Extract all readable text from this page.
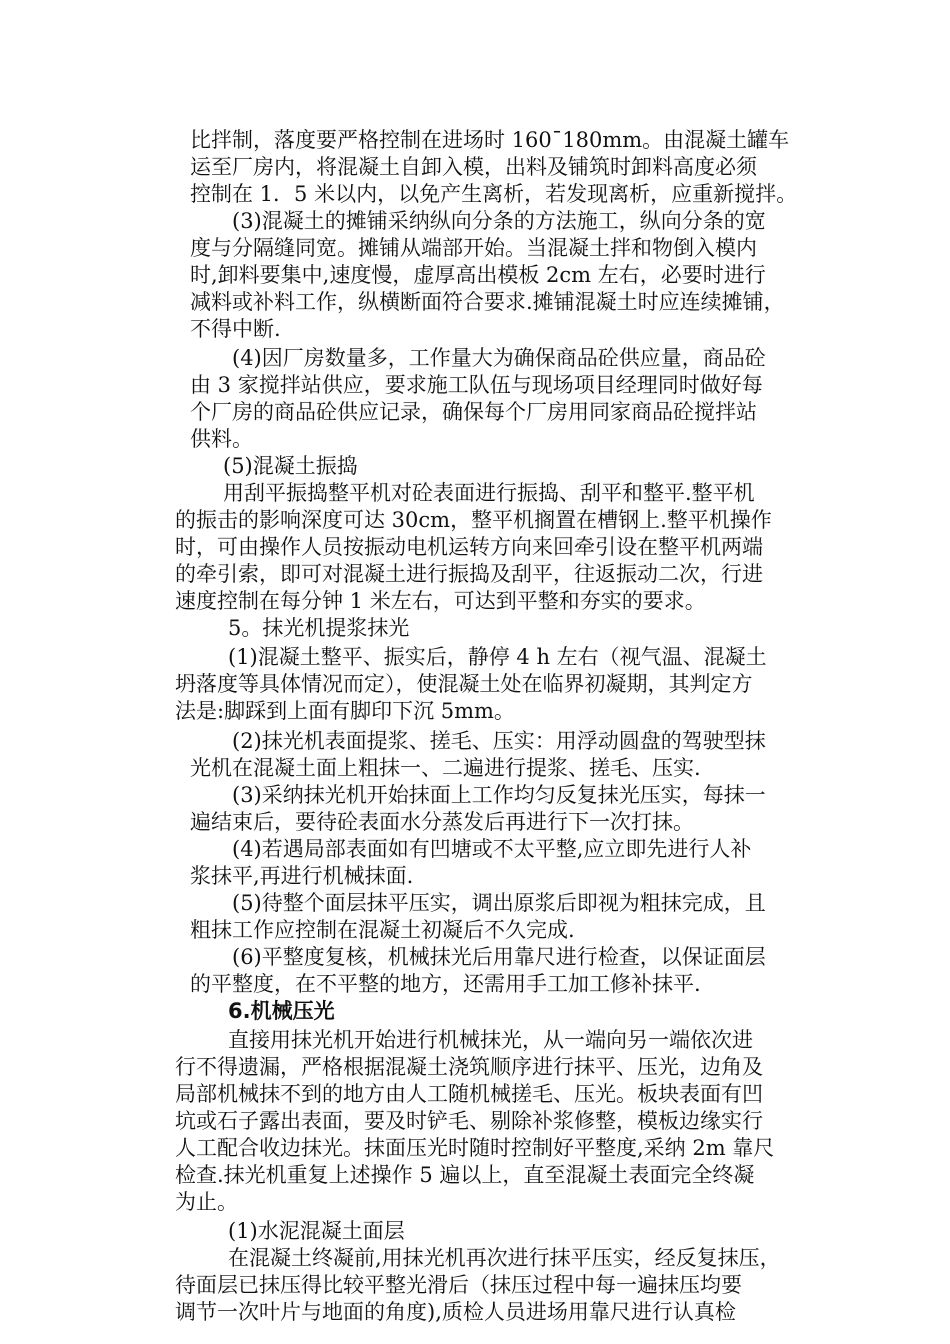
比拌制，落度要严格控制在进场时 160¯180mm。由混凝土罐车
运至厂房内，将混凝土自卸入模，出料及铺筑时卸料高度必须
控制在 1．5 米以内，以免产生离析，若发现离析，应重新搅拌。
(3)混凝土的摊铺采纳纵向分条的方法施工，纵向分条的宽
度与分隔缝同宽。摊铺从端部开始。当混凝土拌和物倒入模内
时,卸料要集中,速度慢，虚厚高出模板 2cm 左右，必要时进行
减料或补料工作，纵横断面符合要求.摊铺混凝土时应连续摊铺，
不得中断.
(4)因厂房数量多，工作量大为确保商品砼供应量，商品砼
由 3 家搅拌站供应，要求施工队伍与现场项目经理同时做好每
个厂房的商品砼供应记录，确保每个厂房用同家商品砼搅拌站
供料。
(5)混凝土振捣
用刮平振捣整平机对砼表面进行振捣、刮平和整平.整平机
的振击的影响深度可达 30cm，整平机搁置在槽钢上.整平机操作
时，可由操作人员按振动电机运转方向来回牵引设在整平机两端
的牵引索，即可对混凝土进行振捣及刮平，往返振动二次，行进
速度控制在每分钟 1 米左右，可达到平整和夯实的要求。
5。抹光机提浆抹光
(1)混凝土整平、振实后，静停 4 h 左右（视气温、混凝土
坍落度等具体情况而定），使混凝土处在临界初凝期，其判定方
法是:脚踩到上面有脚印下沉 5mm。
(2)抹光机表面提浆、搓毛、压实：用浮动圆盘的驾驶型抹
光机在混凝土面上粗抹一、二遍进行提浆、搓毛、压实.
(3)采纳抹光机开始抹面上工作均匀反复抹光压实，每抹一
遍结束后，要待砼表面水分蒸发后再进行下一次打抹。
(4)若遇局部表面如有凹塘或不太平整,应立即先进行人补
浆抹平,再进行机械抹面.
(5)待整个面层抹平压实，调出原浆后即视为粗抹完成，且
粗抹工作应控制在混凝土初凝后不久完成.
(6)平整度复核，机械抹光后用靠尺进行检查，以保证面层
的平整度，在不平整的地方，还需用手工加工修补抹平.
6.机械压光
直接用抹光机开始进行机械抹光，从一端向另一端依次进
行不得遗漏，严格根据混凝土浇筑顺序进行抹平、压光，边角及
局部机械抹不到的地方由人工随机械搓毛、压光。板块表面有凹
坑或石子露出表面，要及时铲毛、剔除补浆修整，模板边缘实行
人工配合收边抹光。抹面压光时随时控制好平整度,采纳 2m 靠尺
检查.抹光机重复上述操作 5 遍以上，直至混凝土表面完全终凝
为止。
(1)水泥混凝土面层
在混凝土终凝前,用抹光机再次进行抹平压实，经反复抹压，
待面层已抹压得比较平整光滑后（抹压过程中每一遍抹压均要
调节一次叶片与地面的角度),质检人员进场用靠尺进行认真检
